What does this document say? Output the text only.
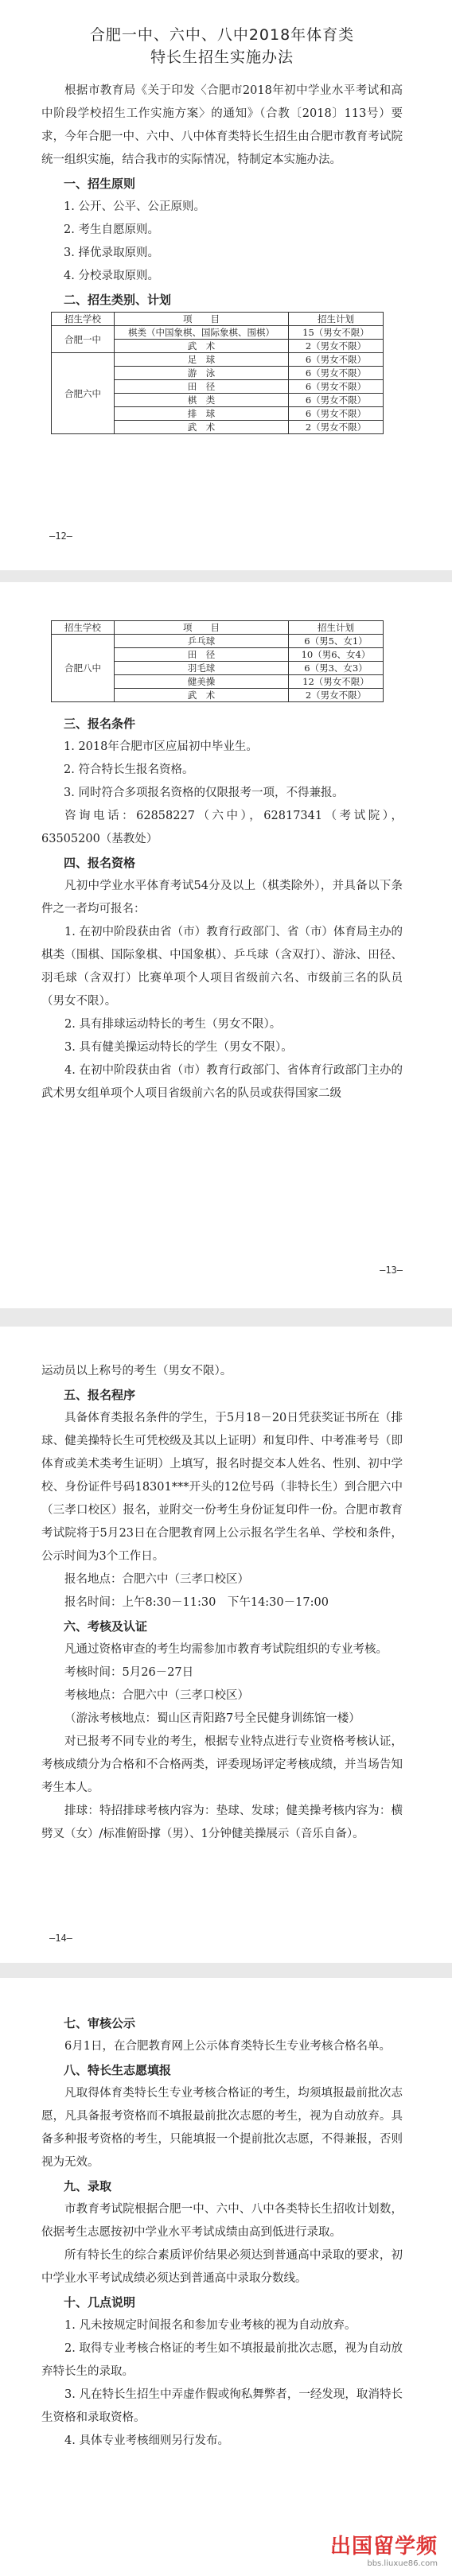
合肥一中、六中、八中2018年体育类
特长生招生实施办法

根据市教育局《关于印发〈合肥市2018年初中学业水平考试和高中阶段学校招生工作实施方案〉的通知》（合教〔2018〕113号）要求，今年合肥一中、六中、八中体育类特长生招生由合肥市教育考试院统一组织实施，结合我市的实际情况，特制定本实施办法。

一、招生原则
1. 公开、公平、公正原则。
2. 考生自愿原则。
3. 择优录取原则。
4. 分校录取原则。
二、招生类别、计划
招生学校	项　　目	招生计划
合肥一中	棋类（中国象棋、国际象棋、围棋）	15（男女不限）
	武　术	2（男女不限）
合肥六中	足　球	6（男女不限）
	游　泳	6（男女不限）
	田　径	6（男女不限）
	棋　类	6（男女不限）
	排　球	6（男女不限）
	武　术	2（男女不限）
—12—
招生学校	项　　目	招生计划
合肥八中	乒乓球	6（男5、女1）
	田　径	10（男6、女4）
	羽毛球	6（男3、女3）
	健美操	12（男女不限）
	武　术	2（男女不限）
三、报名条件
1. 2018年合肥市区应届初中毕业生。
2. 符合特长生报名资格。
3. 同时符合多项报名资格的仅限报考一项，不得兼报。

咨询电话：62858227（六中），62817341（考试院），63505200（基教处）

四、报名资格

凡初中学业水平体育考试54分及以上（棋类除外），并具备以下条件之一者均可报名：

1. 在初中阶段获由省（市）教育行政部门、省（市）体育局主办的棋类（围棋、国际象棋、中国象棋）、乒乓球（含双打）、游泳、田径、羽毛球（含双打）比赛单项个人项目省级前六名、市级前三名的队员（男女不限）。

2. 具有排球运动特长的考生（男女不限）。

3. 具有健美操运动特长的学生（男女不限）。

4. 在初中阶段获由省（市）教育行政部门、省体育行政部门主办的武术男女组单项个人项目省级前六名的队员或获得国家二级

—13—

运动员以上称号的考生（男女不限）。

五、报名程序

具备体育类报名条件的学生，于5月18－20日凭获奖证书所在（排球、健美操特长生可凭校级及其以上证明）和复印件、中考准考号（即体育或美术类考生证明）上填写，报名时提交本人姓名、性别、初中学校、身份证件号码18301***开头的12位号码（非特长生）到合肥六中（三孝口校区）报名，並附交一份考生身份证复印件一份。合肥市教育考试院将于5月23日在合肥教育网上公示报名学生名单、学校和条件，公示时间为3个工作日。

报名地点：合肥六中（三孝口校区）

报名时间：上午8:30－11:30　下午14:30－17:00

六、考核及认证

凡通过资格审查的考生均需参加市教育考试院组织的专业考核。

考核时间：5月26－27日

考核地点：合肥六中（三孝口校区）

（游泳考核地点：蜀山区青阳路7号全民健身训练馆一楼）

对已报考不同专业的考生，根据专业特点进行专业资格考核认证，考核成绩分为合格和不合格两类，评委现场评定考核成绩，并当场告知考生本人。

排球：特招排球考核内容为：垫球、发球；健美操考核内容为：横劈叉（女）/标准俯卧撑（男）、1分钟健美操展示（音乐自备）。

—14—
七、审核公示

6月1日，在合肥教育网上公示体育类特长生专业考核合格名单。

八、特长生志愿填报

凡取得体育类特长生专业考核合格证的考生，均须填报最前批次志愿，凡具备报考资格而不填报最前批次志愿的考生，视为自动放弃。具备多种报考资格的考生，只能填报一个提前批次志愿，不得兼报，否则视为无效。

九、录取

市教育考试院根据合肥一中、六中、八中各类特长生招收计划数，依据考生志愿按初中学业水平考试成绩由高到低进行录取。

所有特长生的综合素质评价结果必须达到普通高中录取的要求，初中学业水平考试成绩必须达到普通高中录取分数线。

十、几点说明

1. 凡未按规定时间报名和参加专业考核的视为自动放弃。

2. 取得专业考核合格证的考生如不填报最前批次志愿，视为自动放弃特长生的录取。

3. 凡在特长生招生中弄虚作假或徇私舞弊者，一经发现，取消特长生资格和录取资格。

4. 具体专业考核细则另行发布。

出国留学频
bbs.liuxue86.com
